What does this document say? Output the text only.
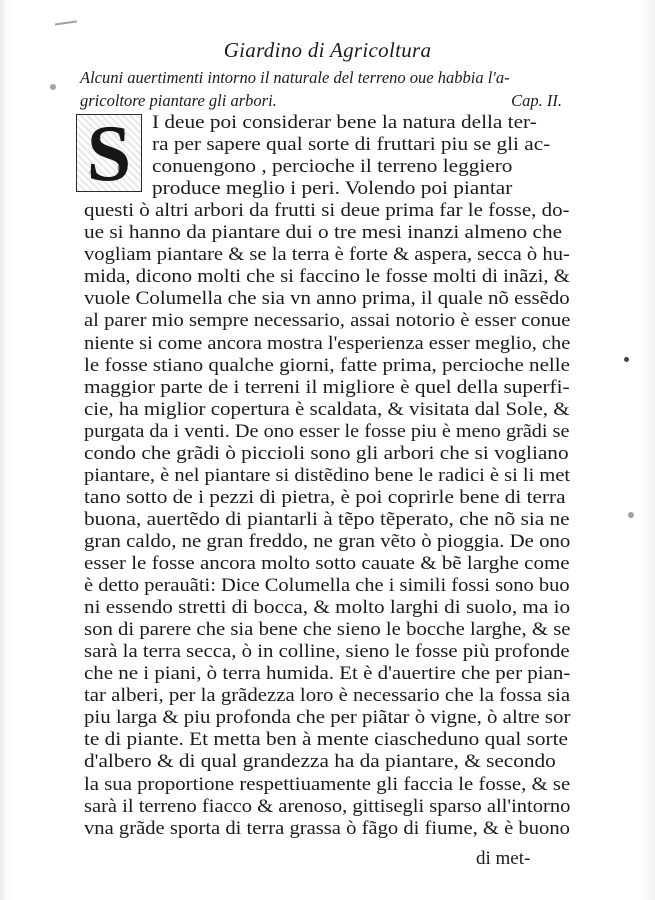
Giardino di Agricoltura
Alcuni auertimenti intorno il naturale del terreno oue habbia l'a-
gricoltore piantare gli arbori.	Cap. II.
S	I deue poi considerar bene la natura della ter-
ra per sapere qual sorte di fruttari piu se gli ac-
conuengono , percioche il terreno leggiero
produce meglio i peri. Volendo poi piantar
questi ò altri arbori da frutti si deue prima far le fosse, do-
ue si hanno da piantare dui o tre mesi inanzi almeno che
vogliam piantare & se la terra è forte & aspera, secca ò hu-
mida, dicono molti che si faccino le fosse molti di inãzi, &
vuole Columella che sia vn anno prima, il quale nõ essẽdo
al parer mio sempre necessario, assai notorio è esser conue
niente si come ancora mostra l'esperienza esser meglio, che
le fosse stiano qualche giorni, fatte prima, percioche nelle
maggior parte de i terreni il migliore è quel della superfi-
cie, ha miglior copertura è scaldata, & visitata dal Sole, &
purgata da i venti. De ono esser le fosse piu è meno grãdi se
condo che grãdi ò piccioli sono gli arbori che si vogliano
piantare, è nel piantare si distẽdino bene le radici è si li met
tano sotto de i pezzi di pietra, è poi coprirle bene di terra
buona, auertẽdo di piantarli à tẽpo tẽperato, che nõ sia ne
gran caldo, ne gran freddo, ne gran vẽto ò pioggia. De ono
esser le fosse ancora molto sotto cauate & bẽ larghe come
è detto perauãti: Dice Columella che i simili fossi sono buo
ni essendo stretti di bocca, & molto larghi di suolo, ma io
son di parere che sia bene che sieno le bocche larghe, & se
sarà la terra secca, ò in colline, sieno le fosse più profonde
che ne i piani, ò terra humida. Et è d'auertire che per pian-
tar alberi, per la grãdezza loro è necessario che la fossa sia
piu larga & piu profonda che per piãtar ò vigne, ò altre sor
te di piante. Et metta ben à mente ciascheduno qual sorte
d'albero & di qual grandezza ha da piantare, & secondo
la sua proportione respettiuamente gli faccia le fosse, & se
sarà il terreno fiacco & arenoso, gittisegli sparso all'intorno
vna grãde sporta di terra grassa ò fãgo di fiume, & è buono
di met-
